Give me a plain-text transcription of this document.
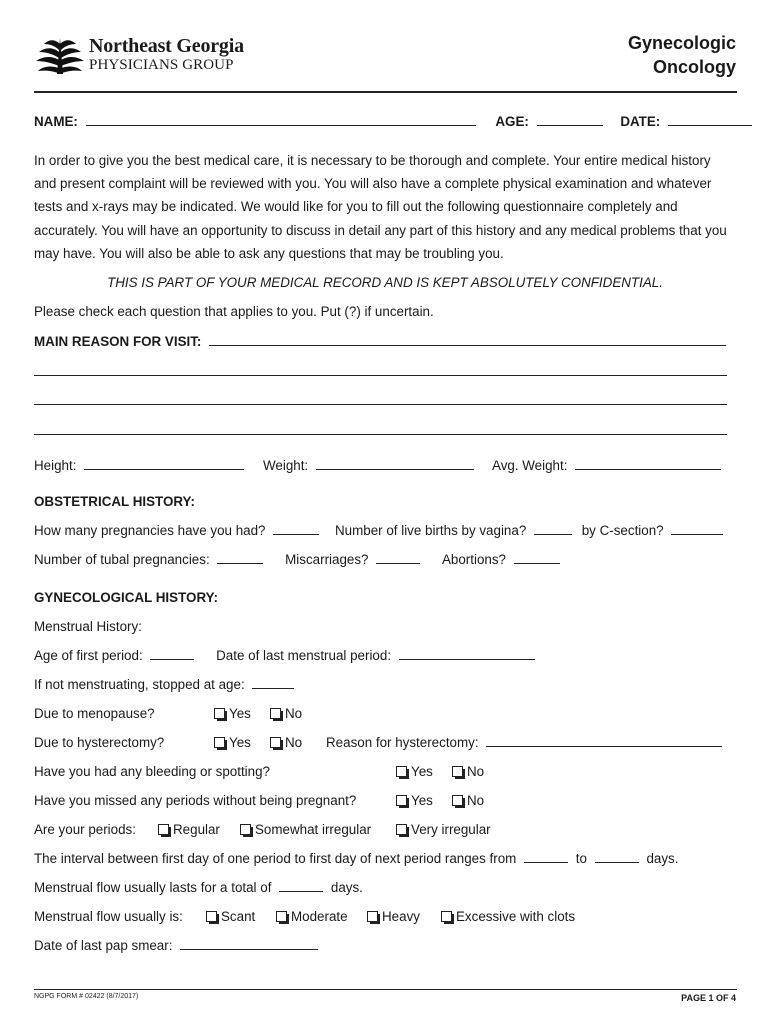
Northeast Georgia
PHYSICIANS GROUP
Gynecologic
Oncology
NAME:	AGE:	DATE:
In order to give you the best medical care, it is necessary to be thorough and complete. Your entire medical history and present complaint will be reviewed with you. You will also have a complete physical examination and whatever tests and x-rays may be indicated. We would like for you to fill out the following questionnaire completely and accurately. You will have an opportunity to discuss in detail any part of this history and any medical problems that you may have. You will also be able to ask any questions that may be troubling you.
THIS IS PART OF YOUR MEDICAL RECORD AND IS KEPT ABSOLUTELY CONFIDENTIAL.
Please check each question that applies to you. Put (?) if uncertain.
MAIN REASON FOR VISIT:
Height:	Weight:	Avg. Weight:
OBSTETRICAL HISTORY:
How many pregnancies have you had?	Number of live births by vagina?	by C-section?
Number of tubal pregnancies:	Miscarriages?	Abortions?
GYNECOLOGICAL HISTORY:
Menstrual History:
Age of first period:	Date of last menstrual period:
If not menstruating, stopped at age:
Due to menopause?	Yes	No
Due to hysterectomy?	Yes	No Reason for hysterectomy:
Have you had any bleeding or spotting?	Yes	No
Have you missed any periods without being pregnant?	Yes	No
Are your periods:	Regular	Somewhat irregular	Very irregular
The interval between first day of one period to first day of next period ranges from	to	days.
Menstrual flow usually lasts for a total of	days.
Menstrual flow usually is:	Scant	Moderate	Heavy	Excessive with clots
Date of last pap smear:
NGPG FORM # 02422 (8/7/2017)	PAGE 1 OF 4
